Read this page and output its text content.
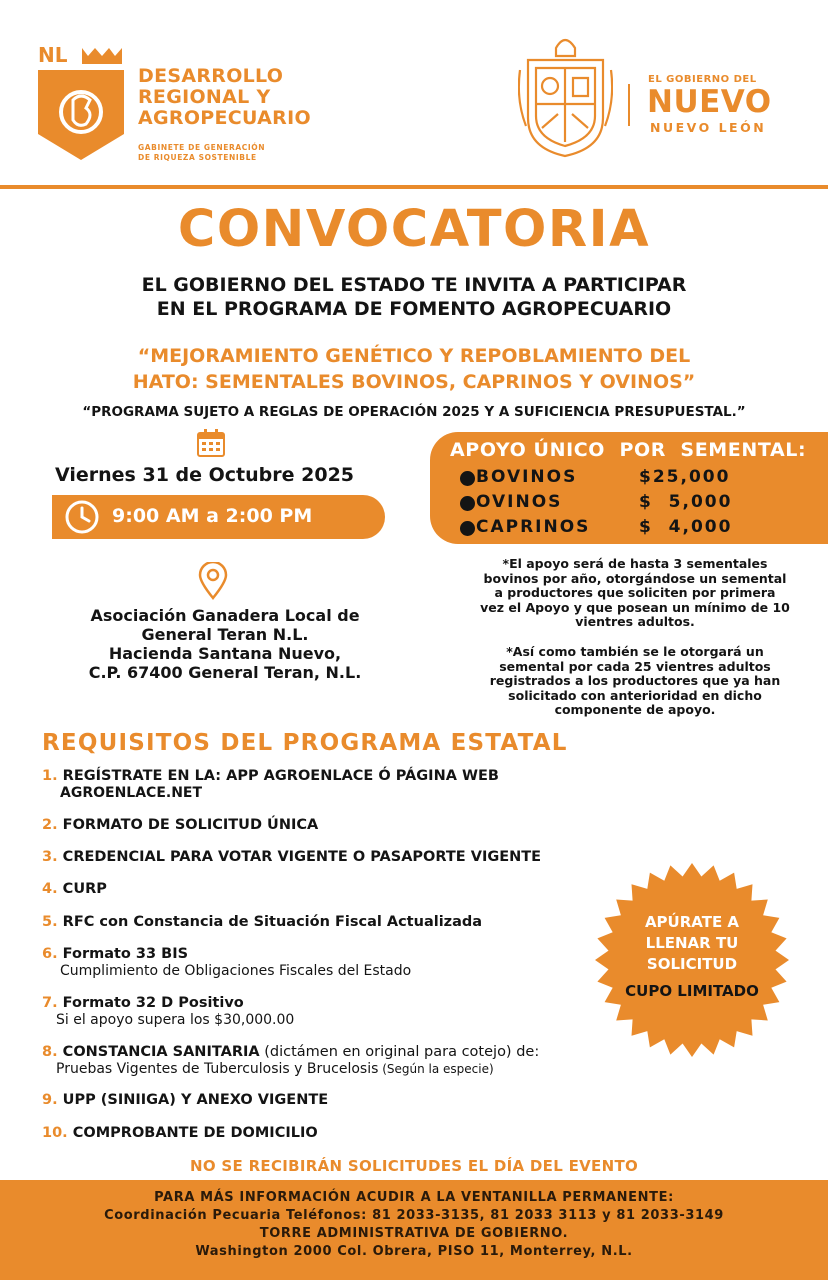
NL
DESARROLLO
REGIONAL Y
AGROPECUARIO
GABINETE DE GENERACIÓN
DE RIQUEZA SOSTENIBLE
EL GOBIERNO DEL
NUEVO
NUEVO LEÓN
CONVOCATORIA
EL GOBIERNO DEL ESTADO TE INVITA A PARTICIPAR
EN EL PROGRAMA DE FOMENTO AGROPECUARIO
“MEJORAMIENTO GENÉTICO Y REPOBLAMIENTO DEL
HATO: SEMENTALES BOVINOS, CAPRINOS Y OVINOS”
“PROGRAMA SUJETO A REGLAS DE OPERACIÓN 2025 Y A SUFICIENCIA PRESUPUESTAL.”
Viernes 31 de Octubre 2025
9:00 AM a 2:00 PM
Asociación Ganadera Local de
General Teran N.L.
Hacienda Santana Nuevo,
C.P. 67400 General Teran, N.L.
APOYO ÚNICO  POR  SEMENTAL:
BOVINOS	$25,000
OVINOS	$  5,000
CAPRINOS	$  4,000
*El apoyo será de hasta 3 sementales
bovinos por año, otorgándose un semental
a productores que soliciten por primera
vez el Apoyo y que posean un mínimo de 10
vientres adultos.
*Así como también se le otorgará un
semental por cada 25 vientres adultos
registrados a los productores que ya han
solicitado con anterioridad en dicho
componente de apoyo.
REQUISITOS DEL PROGRAMA ESTATAL
1. REGÍSTRATE EN LA: APP AGROENLACE Ó PÁGINA WEB
AGROENLACE.NET
2. FORMATO DE SOLICITUD ÚNICA
3. CREDENCIAL PARA VOTAR VIGENTE O PASAPORTE VIGENTE
4. CURP
5. RFC con Constancia de Situación Fiscal Actualizada
6. Formato 33 BIS
Cumplimiento de Obligaciones Fiscales del Estado
7. Formato 32 D Positivo
Si el apoyo supera los $30,000.00
8. CONSTANCIA SANITARIA (dictámen en original para cotejo) de:
Pruebas Vigentes de Tuberculosis y Brucelosis (Según la especie)
9. UPP (SINIIGA) Y ANEXO VIGENTE
10. COMPROBANTE DE DOMICILIO
APÚRATE A
LLENAR TU
SOLICITUD
CUPO LIMITADO
NO SE RECIBIRÁN SOLICITUDES EL DÍA DEL EVENTO
PARA MÁS INFORMACIÓN ACUDIR A LA VENTANILLA PERMANENTE:
Coordinación Pecuaria Teléfonos: 81 2033-3135, 81 2033 3113 y 81 2033-3149
TORRE ADMINISTRATIVA DE GOBIERNO.
Washington 2000 Col. Obrera, PISO 11, Monterrey, N.L.
